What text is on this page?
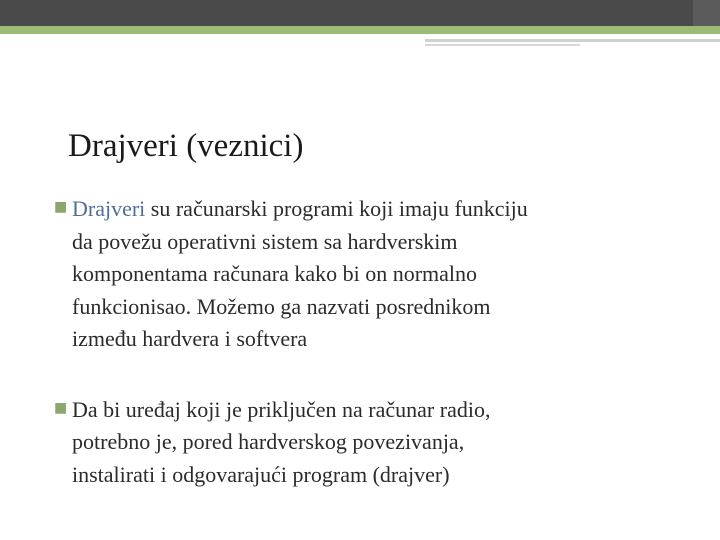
Drajveri (veznici)
■ Drajveri su računarski programi koji imaju funkciju
da povežu operativni sistem sa hardverskim
komponentama računara kako bi on normalno
funkcionisao. Možemo ga nazvati posrednikom
između hardvera i softvera
■ Da bi uređaj koji je priključen na računar radio,
potrebno je, pored hardverskog povezivanja,
instalirati i odgovarajući program (drajver)
